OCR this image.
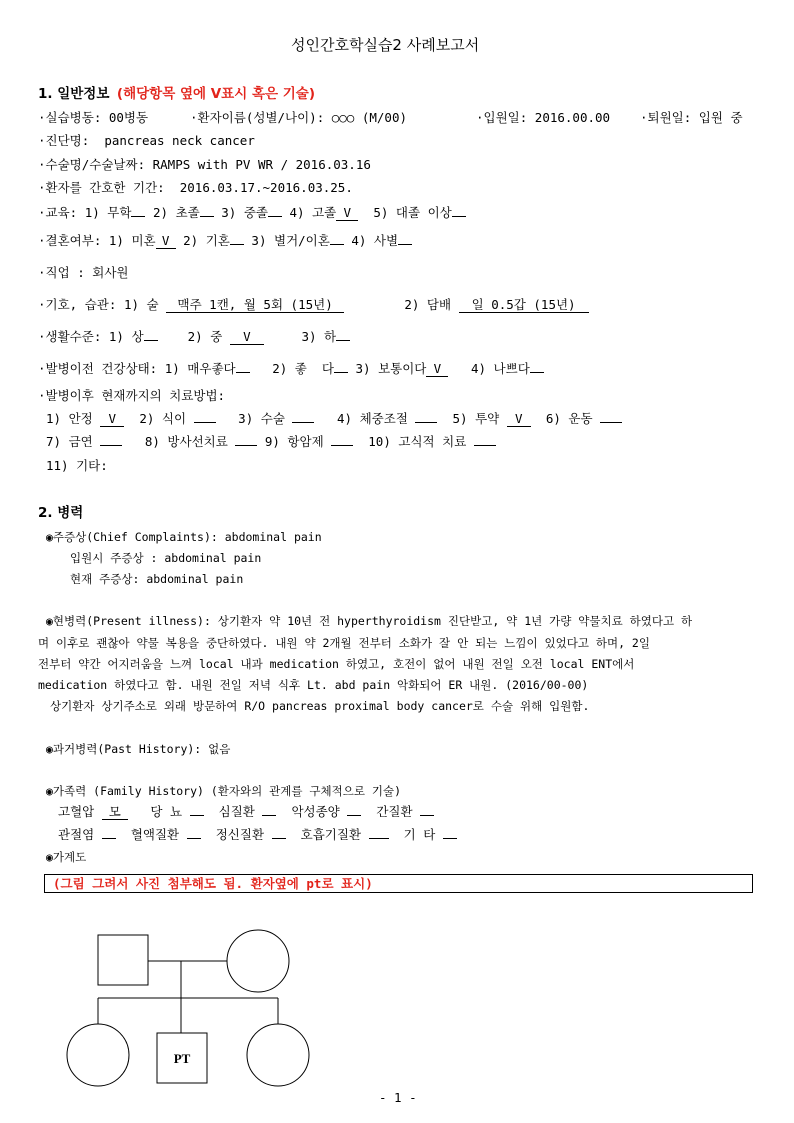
성인간호학실습2 사례보고서
1. 일반정보 (해당항목 옆에 V표시 혹은 기술)
·실습병동: 00병동	·환자이름(성별/나이): ○○○ (M/00)	·입원일: 2016.00.00 ·퇴원일: 입원 중
·진단명:  pancreas neck cancer
·수술명/수술날짜: RAMPS with PV WR / 2016.03.16
·환자를 간호한 기간:  2016.03.17.~2016.03.25.
·교육: 1) 무학 2) 초졸 3) 중졸 4) 고졸 V 5) 대졸 이상
·결혼여부: 1) 미혼 V 2) 기혼 3) 별거/이혼 4) 사별
·직업 : 회사원
·기호, 습관: 1) 술 맥주 1캔, 월 5회 (15년)	2) 담배 일 0.5갑 (15년)
·생활수준: 1) 상	2) 중 V	3) 하
·발병이전 건강상태: 1) 매우좋다	2) 좋  다 3) 보통이다 V 4) 나쁘다
·발병이후 현재까지의 치료방법:
1) 안정 V 2) 식이	3) 수술	4) 체중조절	5) 투약 V 6) 운동
7) 금연	8) 방사선치료	9) 항암제	10) 고식적 치료
11) 기타:
2. 병력
◉주증상(Chief Complaints): abdominal pain
입원시 주증상 : abdominal pain
현재 주증상: abdominal pain
◉현병력(Present illness): 상기환자 약 10년 전 hyperthyroidism 진단받고, 약 1년 가량 약물치료 하였다고 하
며 이후로 괜찮아 약물 복용을 중단하였다. 내원 약 2개월 전부터 소화가 잘 안 되는 느낌이 있었다고 하며, 2일
전부터 약간 어지러움을 느껴 local 내과 medication 하였고, 호전이 없어 내원 전일 오전 local ENT에서
medication 하였다고 함. 내원 전일 저녁 식후 Lt. abd pain 악화되어 ER 내원. (2016/00-00)
상기환자 상기주소로 외래 방문하여 R/O pancreas proximal body cancer로 수술 위해 입원함.
◉과거병력(Past History): 없음
◉가족력 (Family History) (환자와의 관계를 구체적으로 기술)
고혈압 모 당 뇨	심질환	악성종양	간질환
관절염	혈액질환	정신질환	호흡기질환	기 타
◉가계도
(그림 그려서 사진 첨부해도 됨. 환자옆에 pt로 표시)
PT
- 1 -
